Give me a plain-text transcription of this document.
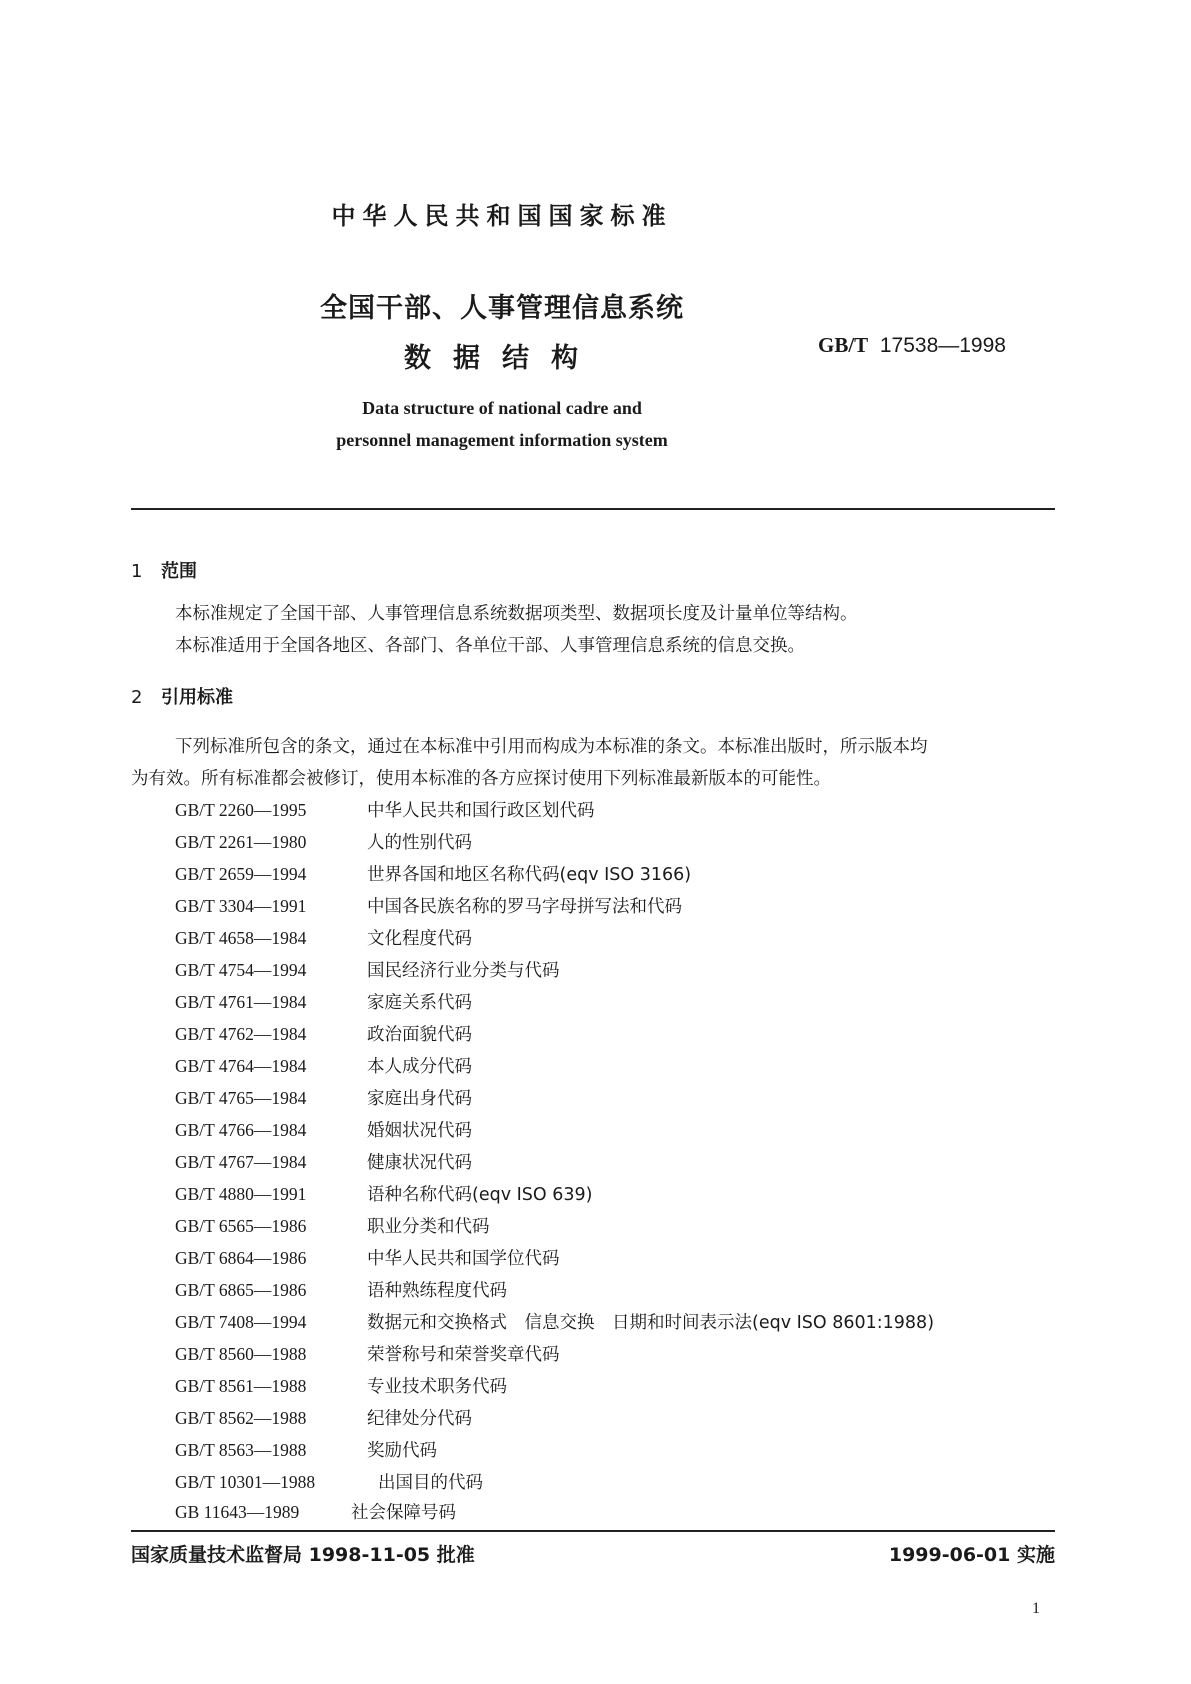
中华人民共和国国家标准
全国干部、人事管理信息系统
数据结构	GB/T 17538—1998
Data structure of national cadre and
personnel management information system
1 范围
本标准规定了全国干部、人事管理信息系统数据项类型、数据项长度及计量单位等结构。
本标准适用于全国各地区、各部门、各单位干部、人事管理信息系统的信息交换。
2 引用标准
下列标准所包含的条文，通过在本标准中引用而构成为本标准的条文。本标准出版时，所示版本均
为有效。所有标准都会被修订，使用本标准的各方应探讨使用下列标准最新版本的可能性。
GB/T 2260—1995	中华人民共和国行政区划代码
GB/T 2261—1980	人的性别代码
GB/T 2659—1994	世界各国和地区名称代码(eqv ISO 3166)
GB/T 3304—1991	中国各民族名称的罗马字母拼写法和代码
GB/T 4658—1984	文化程度代码
GB/T 4754—1994	国民经济行业分类与代码
GB/T 4761—1984	家庭关系代码
GB/T 4762—1984	政治面貌代码
GB/T 4764—1984	本人成分代码
GB/T 4765—1984	家庭出身代码
GB/T 4766—1984	婚姻状况代码
GB/T 4767—1984	健康状况代码
GB/T 4880—1991	语种名称代码(eqv ISO 639)
GB/T 6565—1986	职业分类和代码
GB/T 6864—1986	中华人民共和国学位代码
GB/T 6865—1986	语种熟练程度代码
GB/T 7408—1994	数据元和交换格式　信息交换　日期和时间表示法(eqv ISO 8601:1988)
GB/T 8560—1988	荣誉称号和荣誉奖章代码
GB/T 8561—1988	专业技术职务代码
GB/T 8562—1988	纪律处分代码
GB/T 8563—1988	奖励代码
GB/T 10301—1988	出国目的代码
GB 11643—1989	社会保障号码
国家质量技术监督局 1998-11-05 批准	1999-06-01 实施
1
